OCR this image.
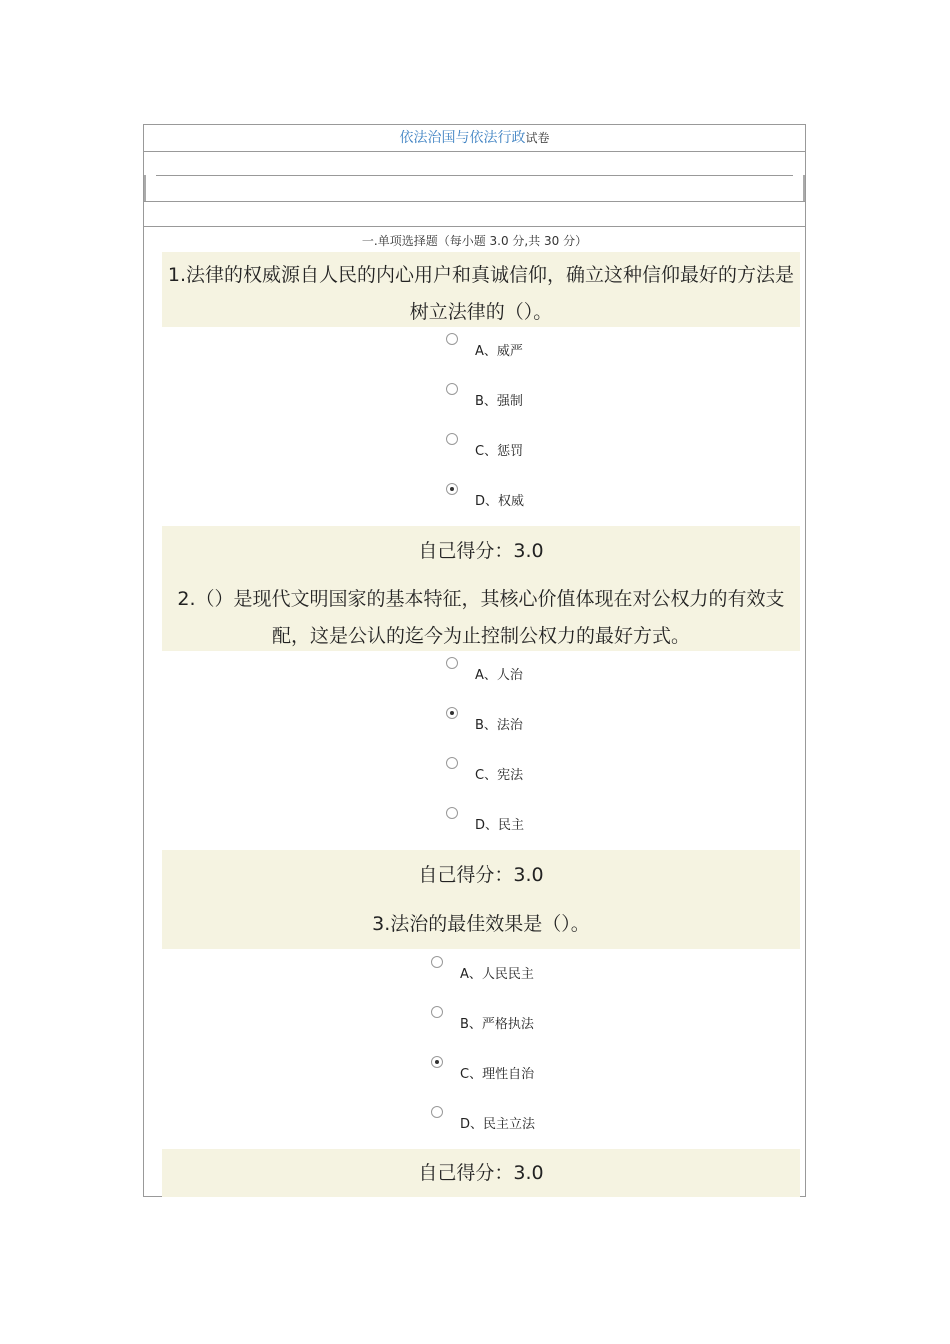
依法治国与依法行政试卷
一.单项选择题（每小题 3.0 分,共 30 分）
1.法律的权威源自人民的内心用户和真诚信仰，确立这种信仰最好的方法是树立法律的（）。
A、威严
B、强制
C、惩罚
D、权威
自己得分：3.0
2.（）是现代文明国家的基本特征，其核心价值体现在对公权力的有效支配，这是公认的迄今为止控制公权力的最好方式。
A、人治
B、法治
C、宪法
D、民主
自己得分：3.0
3.法治的最佳效果是（）。
A、人民民主
B、严格执法
C、理性自治
D、民主立法
自己得分：3.0
